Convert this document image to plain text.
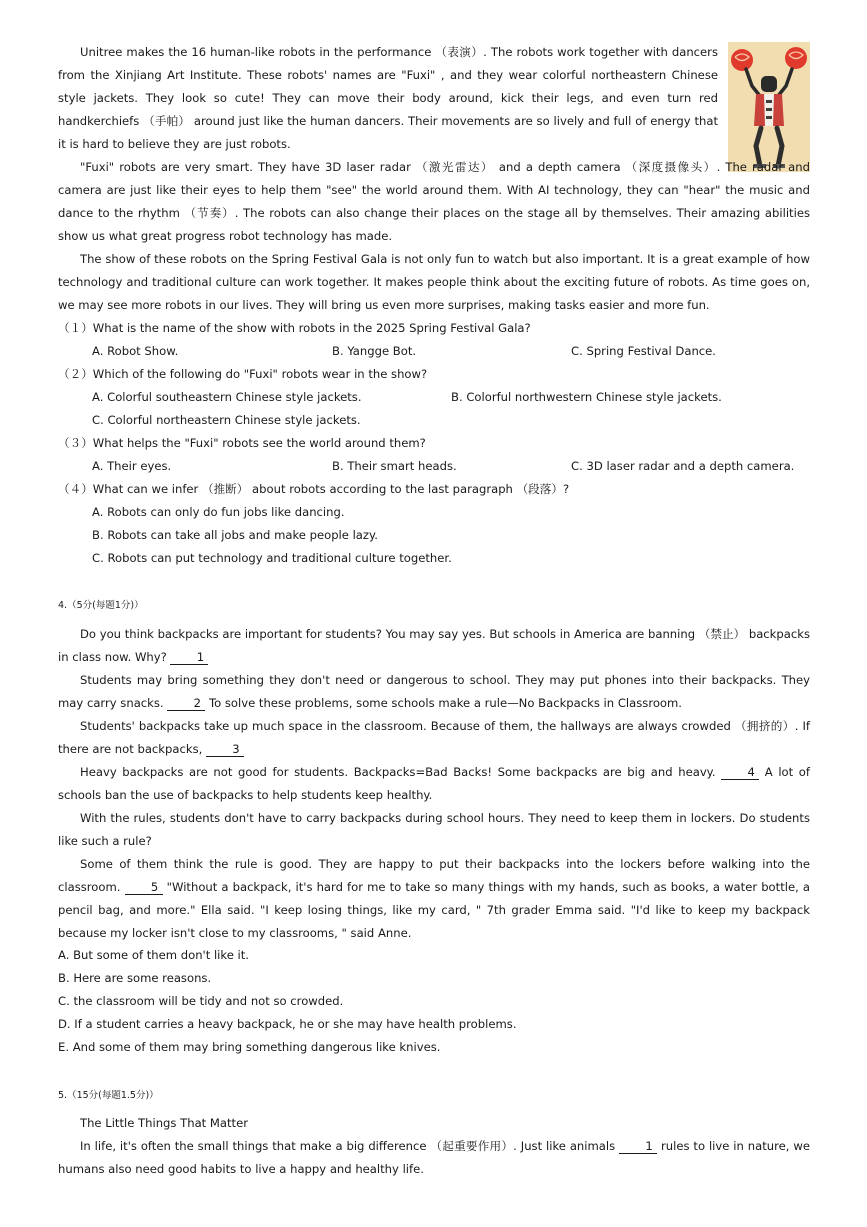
Unitree makes the 16 human-like robots in the performance （表演）. The robots work together with dancers from the Xinjiang Art Institute. These robots' names are "Fuxi" , and they wear colorful northeastern Chinese style jackets. They look so cute! They can move their body around, kick their legs, and even turn red handkerchiefs （手帕） around just like the human dancers. Their movements are so lively and full of energy that it is hard to believe they are just robots.
"Fuxi" robots are very smart. They have 3D laser radar （激光雷达） and a depth camera （深度摄像头）. The radar and camera are just like their eyes to help them "see" the world around them. With AI technology, they can "hear" the music and dance to the rhythm （节奏）. The robots can also change their places on the stage all by themselves. Their amazing abilities show us what great progress robot technology has made.
The show of these robots on the Spring Festival Gala is not only fun to watch but also important. It is a great example of how technology and traditional culture can work together. It makes people think about the exciting future of robots. As time goes on, we may see more robots in our lives. They will bring us even more surprises, making tasks easier and more fun.
（１）What is the name of the show with robots in the 2025 Spring Festival Gala?
A. Robot Show.	B. Yangge Bot.	C. Spring Festival Dance.
（２）Which of the following do "Fuxi" robots wear in the show?
A. Colorful southeastern Chinese style jackets.	B. Colorful northwestern Chinese style jackets.
C. Colorful northeastern Chinese style jackets.
（３）What helps the "Fuxi" robots see the world around them?
A. Their eyes.	B. Their smart heads.	C. 3D laser radar and a depth camera.
（４）What can we infer （推断） about robots according to the last paragraph （段落）?
A. Robots can only do fun jobs like dancing.
B. Robots can take all jobs and make people lazy.
C. Robots can put technology and traditional culture together.
4.（5分(每题1分)）
Do you think backpacks are important for students? You may say yes. But schools in America are banning （禁止） backpacks in class now. Why? 1
Students may bring something they don't need or dangerous to school. They may put phones into their backpacks. They may carry snacks. 2 To solve these problems, some schools make a rule—No Backpacks in Classroom.
Students' backpacks take up much space in the classroom. Because of them, the hallways are always crowded （拥挤的）. If there are not backpacks, 3
Heavy backpacks are not good for students. Backpacks=Bad Backs! Some backpacks are big and heavy. 4 A lot of schools ban the use of backpacks to help students keep healthy.
With the rules, students don't have to carry backpacks during school hours. They need to keep them in lockers. Do students like such a rule?
Some of them think the rule is good. They are happy to put their backpacks into the lockers before walking into the classroom. 5 "Without a backpack, it's hard for me to take so many things with my hands, such as books, a water bottle, a pencil bag, and more." Ella said. "I keep losing things, like my card, " 7th grader Emma said. "I'd like to keep my backpack because my locker isn't close to my classrooms, " said Anne.
A. But some of them don't like it.
B. Here are some reasons.
C. the classroom will be tidy and not so crowded.
D. If a student carries a heavy backpack, he or she may have health problems.
E. And some of them may bring something dangerous like knives.
5.（15分(每题1.5分)）
The Little Things That Matter
In life, it's often the small things that make a big difference （起重要作用）. Just like animals 1 rules to live in nature, we humans also need good habits to live a happy and healthy life.
